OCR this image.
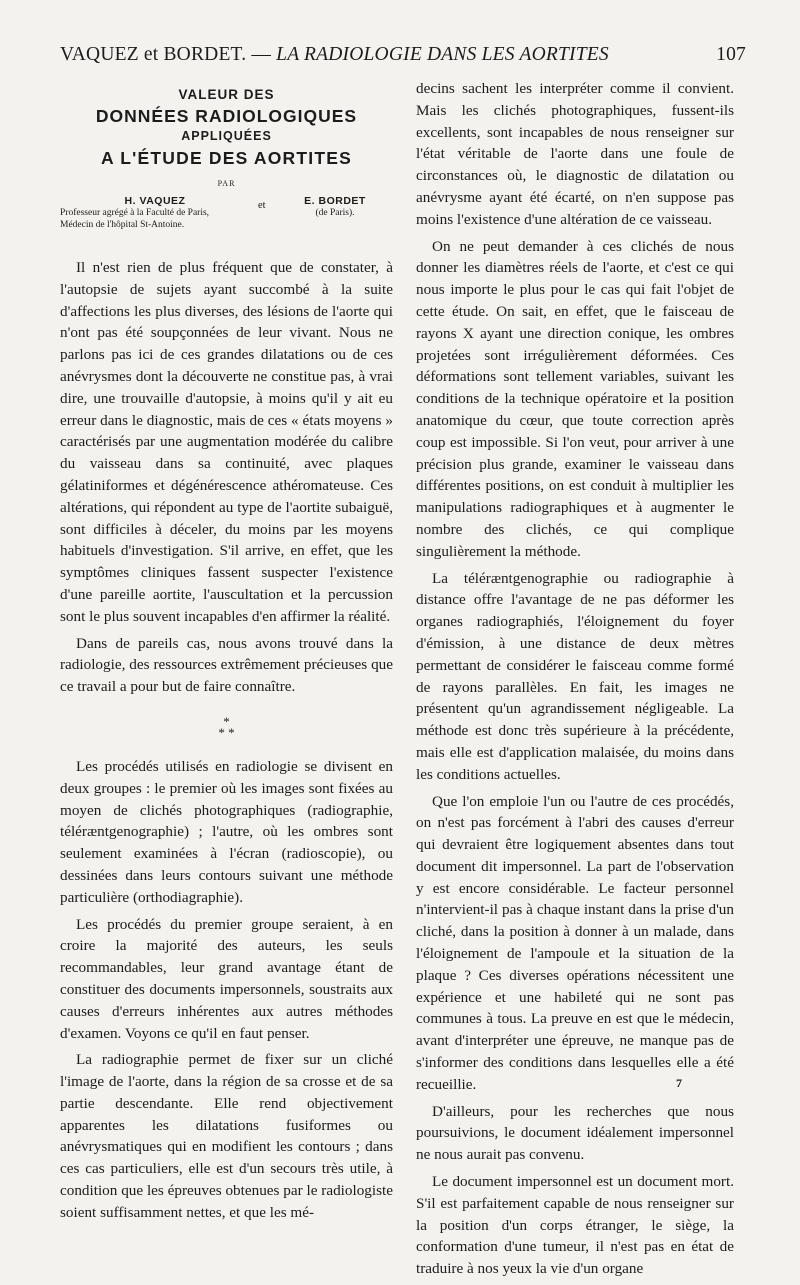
VAQUEZ et BORDET. — LA RADIOLOGIE DANS LES AORTITES	107
VALEUR DES
DONNÉES RADIOLOGIQUES
APPLIQUÉES
A L'ÉTUDE DES AORTITES
PAR
H. VAQUEZ
Professeur agrégé à la Faculté de Paris,
Médecin de l'hôpital St-Antoine.
et	E. BORDET
(de Paris).

Il n'est rien de plus fréquent que de constater, à l'autopsie de sujets ayant succombé à la suite d'affections les plus diverses, des lésions de l'aorte qui n'ont pas été soupçonnées de leur vivant. Nous ne parlons pas ici de ces grandes dilatations ou de ces anévrysmes dont la découverte ne constitue pas, à vrai dire, une trouvaille d'autopsie, à moins qu'il y ait eu erreur dans le diagnostic, mais de ces « états moyens » caractérisés par une augmentation modérée du calibre du vaisseau dans sa continuité, avec plaques gélatiniformes et dégénérescence athéromateuse. Ces altérations, qui répondent au type de l'aortite subaiguë, sont difficiles à déceler, du moins par les moyens habituels d'investigation. S'il arrive, en effet, que les symptômes cliniques fassent suspecter l'existence d'une pareille aortite, l'auscultation et la percussion sont le plus souvent incapables d'en affirmer la réalité.

Dans de pareils cas, nous avons trouvé dans la radiologie, des ressources extrêmement précieuses que ce travail a pour but de faire connaître.

*
* *

Les procédés utilisés en radiologie se divisent en deux groupes : le premier où les images sont fixées au moyen de clichés photographiques (radiographie, téléræntgenographie) ; l'autre, où les ombres sont seulement examinées à l'écran (radioscopie), ou dessinées dans leurs contours suivant une méthode particulière (orthodiagraphie).

Les procédés du premier groupe seraient, à en croire la majorité des auteurs, les seuls recommandables, leur grand avantage étant de constituer des documents impersonnels, soustraits aux causes d'erreurs inhérentes aux autres méthodes d'examen. Voyons ce qu'il en faut penser.

La radiographie permet de fixer sur un cliché l'image de l'aorte, dans la région de sa crosse et de sa partie descendante. Elle rend objectivement apparentes les dilatations fusiformes ou anévrysmatiques qui en modifient les contours ; dans ces cas particuliers, elle est d'un secours très utile, à condition que les épreuves obtenues par le radiologiste soient suffisamment nettes, et que les mé-

decins sachent les interpréter comme il convient. Mais les clichés photographiques, fussent-ils excellents, sont incapables de nous renseigner sur l'état véritable de l'aorte dans une foule de circonstances où, le diagnostic de dilatation ou anévrysme ayant été écarté, on n'en suppose pas moins l'existence d'une altération de ce vaisseau.

On ne peut demander à ces clichés de nous donner les diamètres réels de l'aorte, et c'est ce qui nous importe le plus pour le cas qui fait l'objet de cette étude. On sait, en effet, que le faisceau de rayons X ayant une direction conique, les ombres projetées sont irrégulièrement déformées. Ces déformations sont tellement variables, suivant les conditions de la technique opératoire et la position anatomique du cœur, que toute correction après coup est impossible. Si l'on veut, pour arriver à une précision plus grande, examiner le vaisseau dans différentes positions, on est conduit à multiplier les manipulations radiographiques et à augmenter le nombre des clichés, ce qui complique singulièrement la méthode.

La téléræntgenographie ou radiographie à distance offre l'avantage de ne pas déformer les organes radiographiés, l'éloignement du foyer d'émission, à une distance de deux mètres permettant de considérer le faisceau comme formé de rayons parallèles. En fait, les images ne présentent qu'un agrandissement négligeable. La méthode est donc très supérieure à la précédente, mais elle est d'application malaisée, du moins dans les conditions actuelles.

Que l'on emploie l'un ou l'autre de ces procédés, on n'est pas forcément à l'abri des causes d'erreur qui devraient être logiquement absentes dans tout document dit impersonnel. La part de l'observation y est encore considérable. Le facteur personnel n'intervient-il pas à chaque instant dans la prise d'un cliché, dans la position à donner à un malade, dans l'éloignement de l'ampoule et la situation de la plaque ? Ces diverses opérations nécessitent une expérience et une habileté qui ne sont pas communes à tous. La preuve en est que le médecin, avant d'interpréter une épreuve, ne manque pas de s'informer des conditions dans lesquelles elle a été recueillie.

D'ailleurs, pour les recherches que nous poursuivions, le document idéalement impersonnel ne nous aurait pas convenu.

Le document impersonnel est un document mort. S'il est parfaitement capable de nous renseigner sur la position d'un corps étranger, le siège, la conformation d'une tumeur, il n'est pas en état de traduire à nos yeux la vie d'un organe

7
